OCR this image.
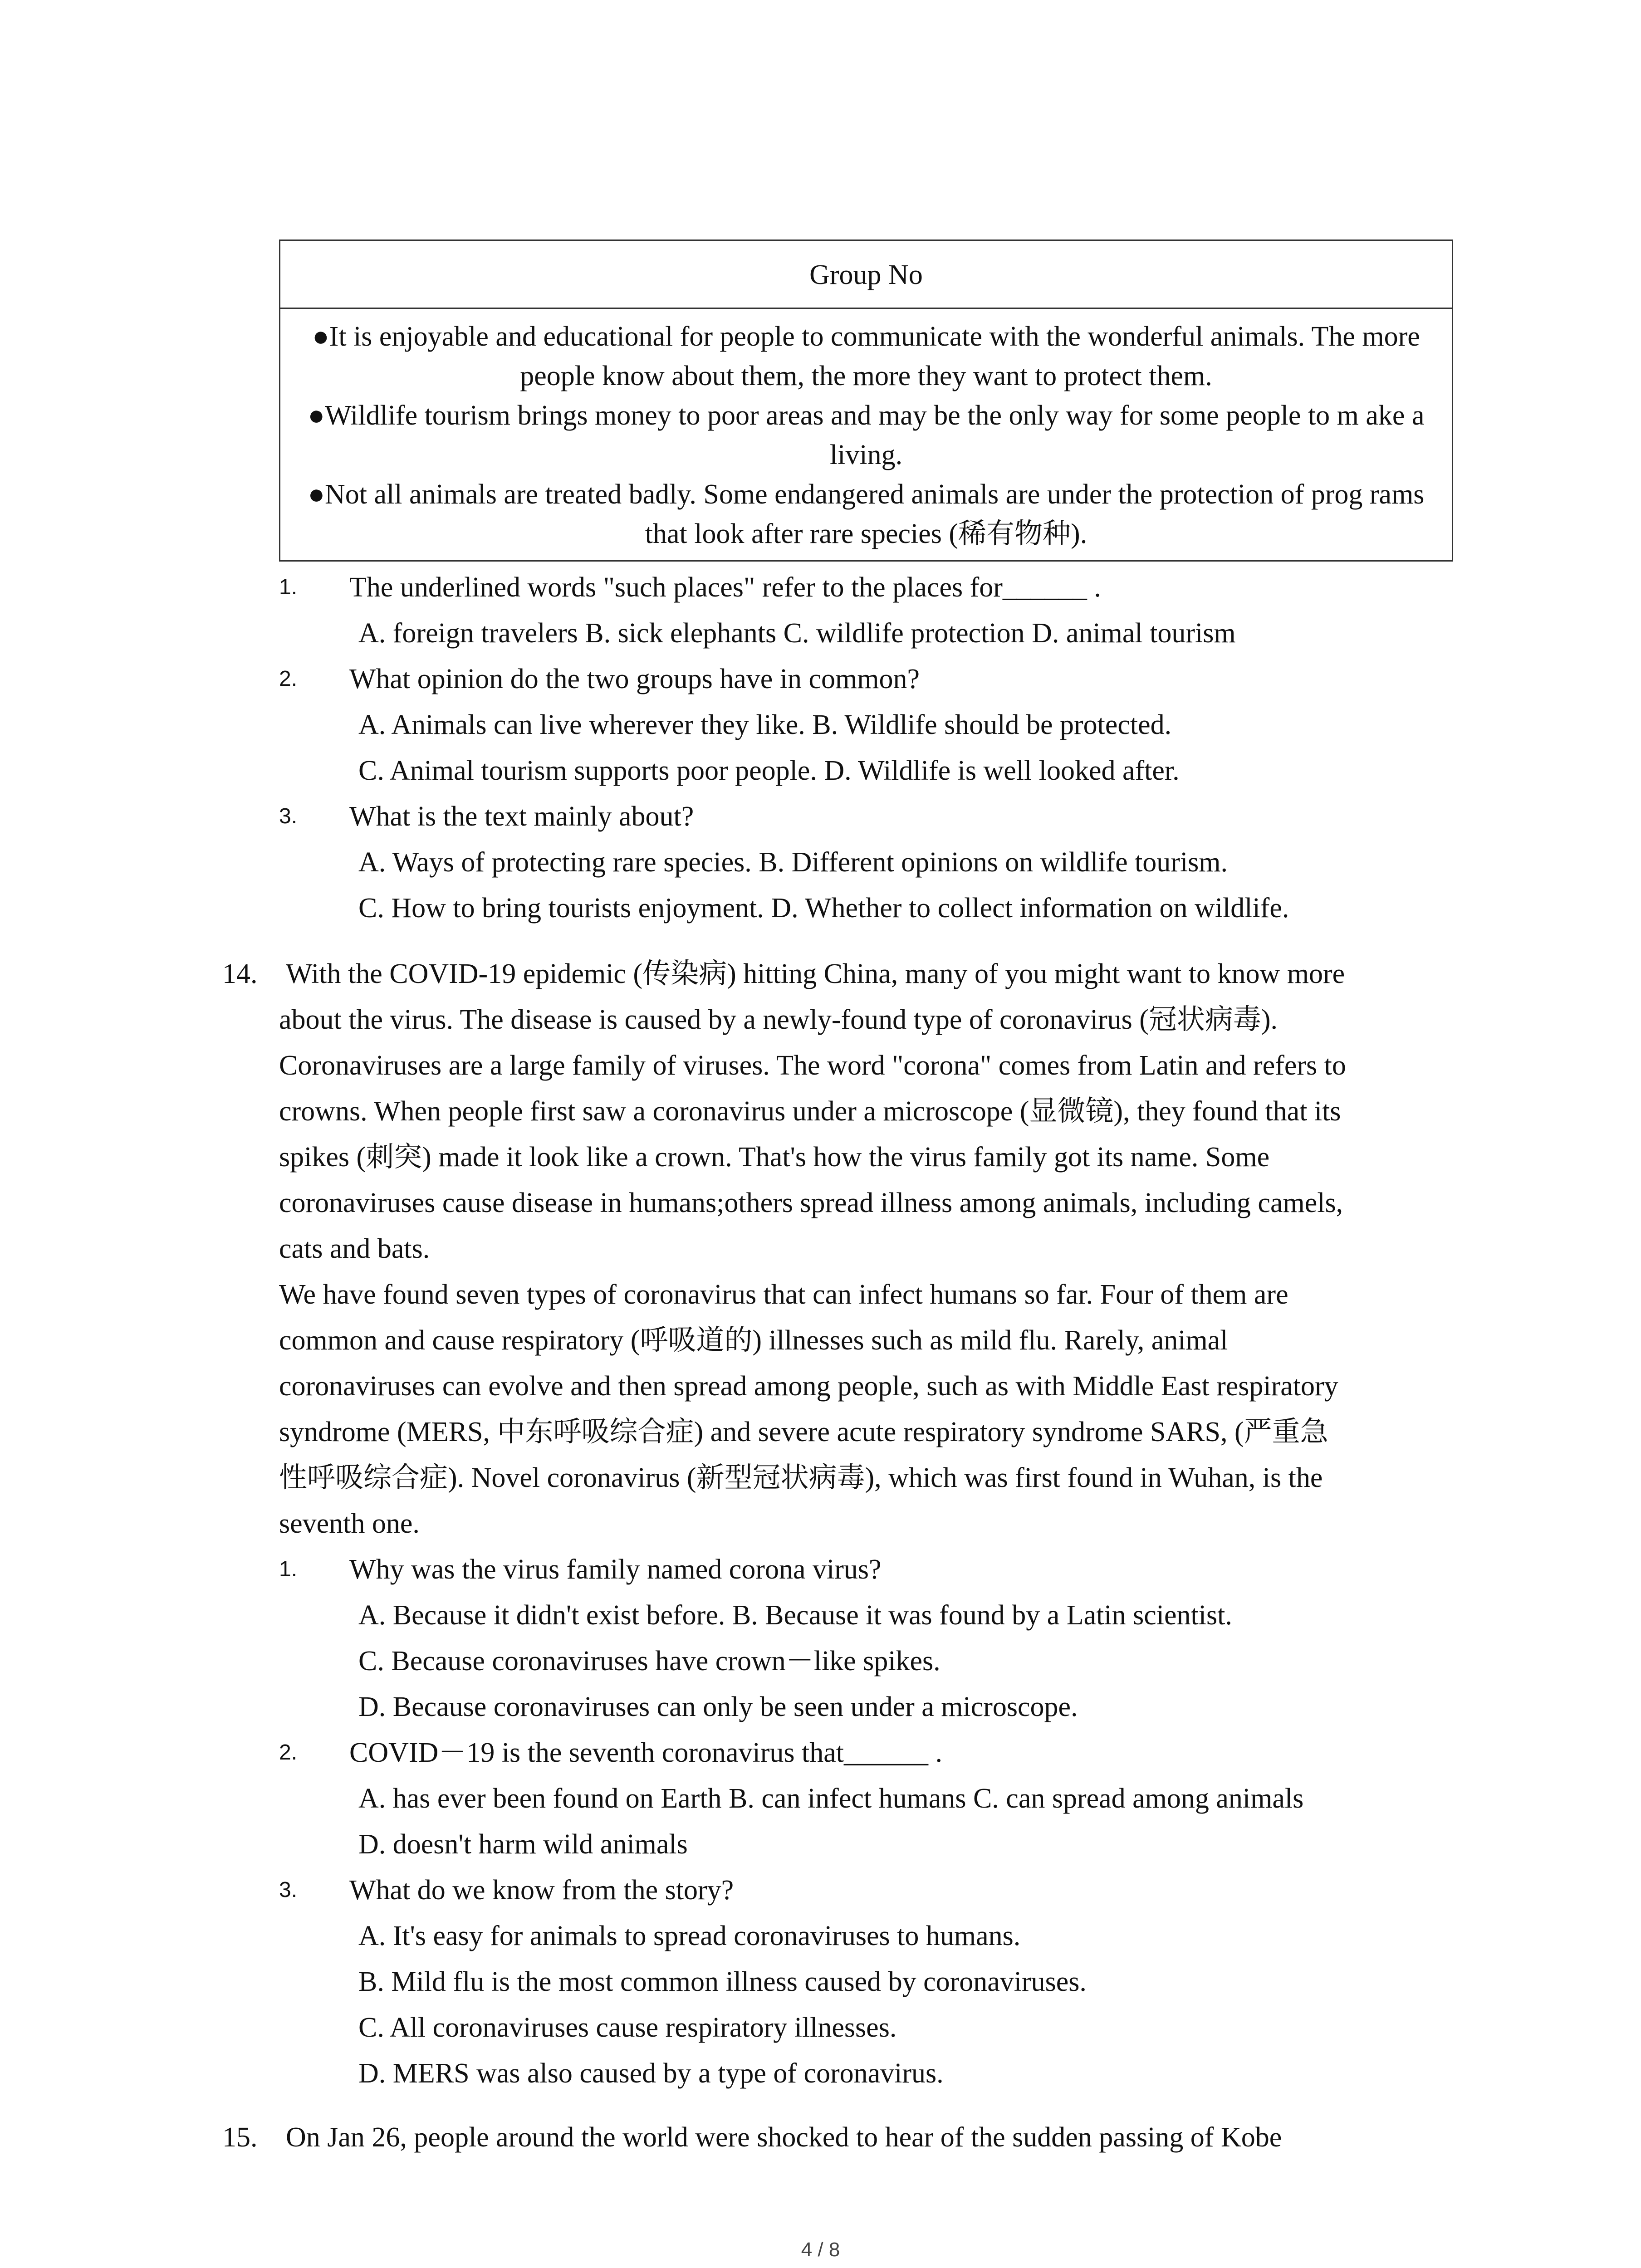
Group No
●It is enjoyable and educational for people to communicate with the wonderful animals. The more people know about them, the more they want to protect them.
●Wildlife tourism brings money to poor areas and may be the only way for some people to m ake a living.
●Not all animals are treated badly. Some endangered animals are under the protection of prog rams that look after rare species (稀有物种).
1. The underlined words "such places" refer to the places for______ .
A. foreign travelers B. sick elephants C. wildlife protection D. animal tourism
2. What opinion do the two groups have in common?
A. Animals can live wherever they like. B. Wildlife should be protected.
C. Animal tourism supports poor people. D. Wildlife is well looked after.
3. What is the text mainly about?
A. Ways of protecting rare species. B. Different opinions on wildlife tourism.
C. How to bring tourists enjoyment. D. Whether to collect information on wildlife.
14. With the COVID-19 epidemic (传染病) hitting China, many of you might want to know more
about the virus. The disease is caused by a newly-found type of coronavirus (冠状病毒).
Coronaviruses are a large family of viruses. The word "corona" comes from Latin and refers to
crowns. When people first saw a coronavirus under a microscope (显微镜), they found that its
spikes (刺突) made it look like a crown. That's how the virus family got its name. Some
coronaviruses cause disease in humans;others spread illness among animals, including camels,
cats and bats.
We have found seven types of coronavirus that can infect humans so far. Four of them are
common and cause respiratory (呼吸道的) illnesses such as mild flu. Rarely, animal
coronaviruses can evolve and then spread among people, such as with Middle East respiratory
syndrome (MERS, 中东呼吸综合症) and severe acute respiratory syndrome SARS, (严重急
性呼吸综合症). Novel coronavirus (新型冠状病毒), which was first found in Wuhan, is the
seventh one.
1. Why was the virus family named corona virus?
A. Because it didn't exist before. B. Because it was found by a Latin scientist.
C. Because coronaviruses have crown－like spikes.
D. Because coronaviruses can only be seen under a microscope.
2. COVID－19 is the seventh coronavirus that______ .
A. has ever been found on Earth B. can infect humans C. can spread among animals
D. doesn't harm wild animals
3. What do we know from the story?
A. It's easy for animals to spread coronaviruses to humans.
B. Mild flu is the most common illness caused by coronaviruses.
C. All coronaviruses cause respiratory illnesses.
D. MERS was also caused by a type of coronavirus.
15. On Jan 26, people around the world were shocked to hear of the sudden passing of Kobe
4 / 8
